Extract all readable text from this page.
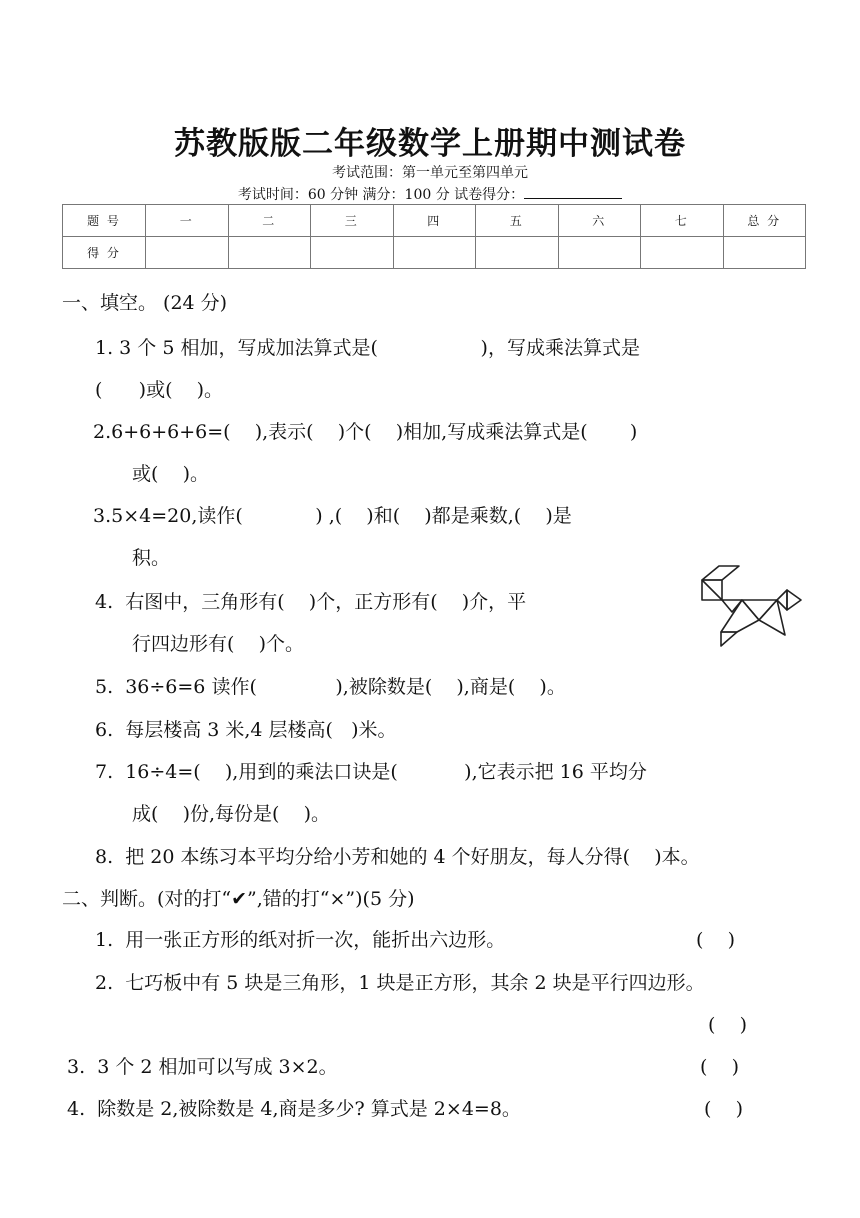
苏教版版二年级数学上册期中测试卷
考试范围：第一单元至第四单元
考试时间：60 分钟 满分：100 分 试卷得分：
题 号	一	二	三	四	五	六	七	总 分
得 分								
一、填空。 (24 分)
1. 3 个 5 相加，写成加法算式是(                 )，写成乘法算式是
(      )或(    )。
2.6+6+6+6=(    ),表示(    )个(    )相加,写成乘法算式是(       )
或(    )。
3.5×4=20,读作(            ) ,(    )和(    )都是乘数,(    )是
积。
4.  右图中，三角形有(    )个，正方形有(    )介，平
行四边形有(    )个。
5.  36÷6=6 读作(             ),被除数是(    ),商是(    )。
6.  每层楼高 3 米,4 层楼高(   )米。
7.  16÷4=(    ),用到的乘法口诀是(           ),它表示把 16 平均分
成(    )份,每份是(    )。
8.  把 20 本练习本平均分给小芳和她的 4 个好朋友，每人分得(    )本。
二、判断。(对的打“✔”,错的打“×”)(5 分)
1.  用一张正方形的纸对折一次，能折出六边形。	(    )
2.  七巧板中有 5 块是三角形，1 块是正方形，其余 2 块是平行四边形。
(    )
3.  3 个 2 相加可以写成 3×2。	(    )
4.  除数是 2,被除数是 4,商是多少? 算式是 2×4=8。	(    )
